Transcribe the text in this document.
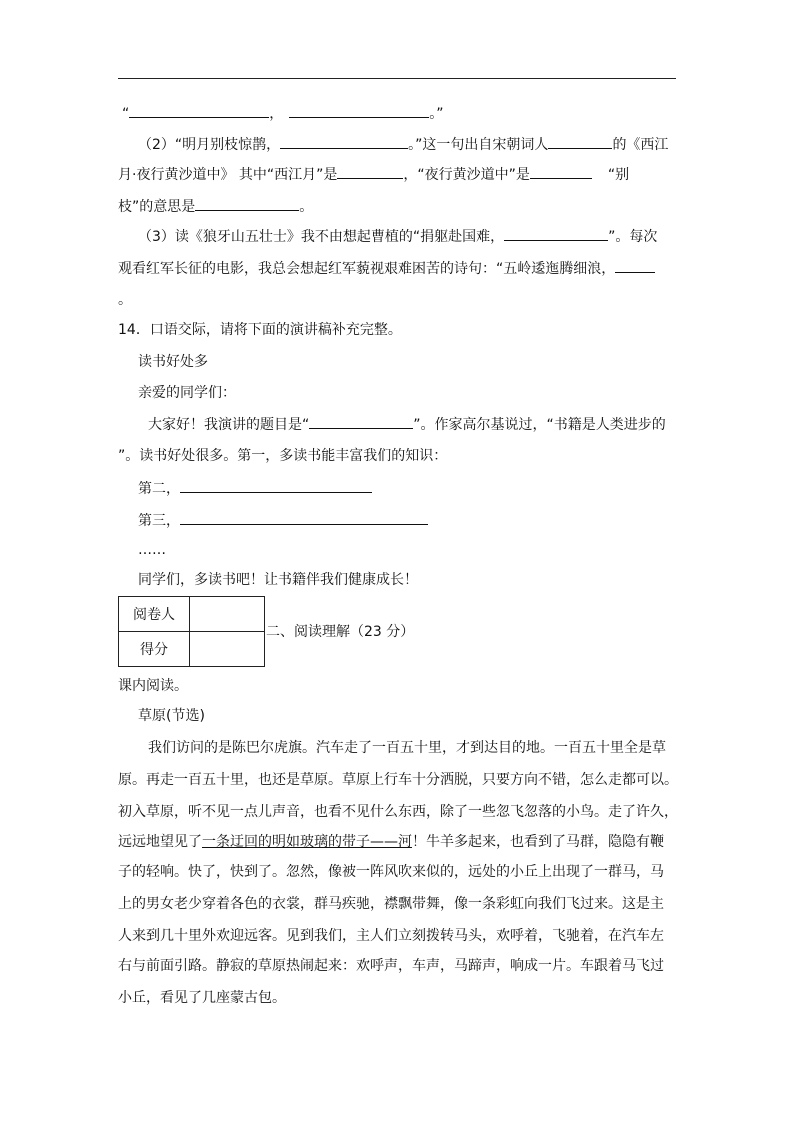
“	，	。”
（2）“明月别枝惊鹊，	。”这一句出自宋朝词人	的《西江
月·夜行黄沙道中》 其中“西江月”是	，“夜行黄沙道中”是	“别
枝”的意思是	。
（3）读《狼牙山五壮士》我不由想起曹植的“捐躯赴国难，	”。每次
观看红军长征的电影，我总会想起红军藐视艰难困苦的诗句：“五岭逶迤腾细浪，
。
14．口语交际，请将下面的演讲稿补充完整。
读书好处多
亲爱的同学们：
大家好！我演讲的题目是“	”。作家高尔基说过，“书籍是人类进步的
”。读书好处很多。第一，多读书能丰富我们的知识：
第二，
第三，
……
同学们，多读书吧！让书籍伴我们健康成长！
阅卷人	
得分	
二、阅读理解（23 分）
课内阅读。
草原(节选)
我们访问的是陈巴尔虎旗。汽车走了一百五十里，才到达目的地。一百五十里全是草
原。再走一百五十里，也还是草原。草原上行车十分洒脱，只要方向不错，怎么走都可以。
初入草原，听不见一点儿声音，也看不见什么东西，除了一些忽飞忽落的小鸟。走了许久，
远远地望见了一条迂回的明如玻璃的带子——河！牛羊多起来，也看到了马群，隐隐有鞭
子的轻响。快了，快到了。忽然，像被一阵风吹来似的，远处的小丘上出现了一群马，马
上的男女老少穿着各色的衣裳，群马疾驰，襟飘带舞，像一条彩虹向我们飞过来。这是主
人来到几十里外欢迎远客。见到我们，主人们立刻拨转马头，欢呼着，飞驰着，在汽车左
右与前面引路。静寂的草原热闹起来：欢呼声，车声，马蹄声，响成一片。车跟着马飞过
小丘，看见了几座蒙古包。
